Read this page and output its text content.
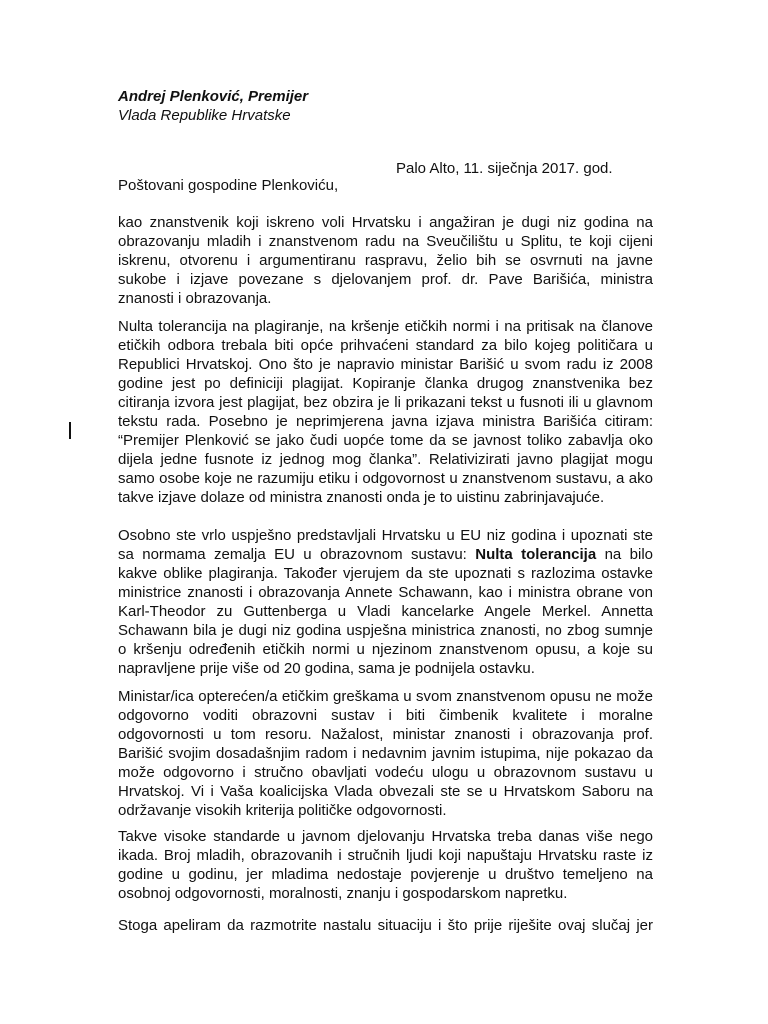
Andrej Plenković, Premijer
Vlada Republike Hrvatske
Palo Alto, 11. siječnja 2017. god.
Poštovani gospodine Plenkoviću,

kao znanstvenik koji iskreno voli Hrvatsku i angažiran je dugi niz godina na obrazovanju mladih i znanstvenom radu na Sveučilištu u Splitu, te koji cijeni iskrenu, otvorenu i argumentiranu raspravu, želio bih se osvrnuti na javne sukobe i izjave povezane s djelovanjem prof. dr. Pave Barišića, ministra znanosti i obrazovanja.

Nulta tolerancija na plagiranje, na kršenje etičkih normi i na pritisak na članove etičkih odbora trebala biti opće prihvaćeni standard za bilo kojeg političara u Republici Hrvatskoj. Ono što je napravio ministar Barišić u svom radu iz 2008 godine jest po definiciji plagijat. Kopiranje članka drugog znanstvenika bez citiranja izvora jest plagijat, bez obzira je li prikazani tekst u fusnoti ili u glavnom tekstu rada. Posebno je neprimjerena javna izjava ministra Barišića citiram: “Premijer Plenković se jako čudi uopće tome da se javnost toliko zabavlja oko dijela jedne fusnote iz jednog mog članka”. Relativizirati javno plagijat mogu samo osobe koje ne razumiju etiku i odgovornost u znanstvenom sustavu, a ako takve izjave dolaze od ministra znanosti onda je to uistinu zabrinjavajuće.

Osobno ste vrlo uspješno predstavljali Hrvatsku u EU niz godina i upoznati ste sa normama zemalja EU u obrazovnom sustavu: Nulta tolerancija na bilo kakve oblike plagiranja. Također vjerujem da ste upoznati s razlozima ostavke ministrice znanosti i obrazovanja Annete Schawann, kao i ministra obrane von Karl-Theodor zu Guttenberga u Vladi kancelarke Angele Merkel. Annetta Schawann bila je dugi niz godina uspješna ministrica znanosti, no zbog sumnje o kršenju određenih etičkih normi u njezinom znanstvenom opusu, a koje su napravljene prije više od 20 godina, sama je podnijela ostavku.

Ministar/ica opterećen/a etičkim greškama u svom znanstvenom opusu ne može odgovorno voditi obrazovni sustav i biti čimbenik kvalitete i moralne odgovornosti u tom resoru. Nažalost, ministar znanosti i obrazovanja prof. Barišić svojim dosadašnjim radom i nedavnim javnim istupima, nije pokazao da može odgovorno i stručno obavljati vodeću ulogu u obrazovnom sustavu u Hrvatskoj. Vi i Vaša koalicijska Vlada obvezali ste se u Hrvatskom Saboru na održavanje visokih kriterija političke odgovornosti.

Takve visoke standarde u javnom djelovanju Hrvatska treba danas više nego ikada. Broj mladih, obrazovanih i stručnih ljudi koji napuštaju Hrvatsku raste iz godine u godinu, jer mladima nedostaje povjerenje u društvo temeljeno na osobnoj odgovornosti, moralnosti, znanju i gospodarskom napretku.

Stoga apeliram da razmotrite nastalu situaciju i što prije riješite ovaj slučaj jer
